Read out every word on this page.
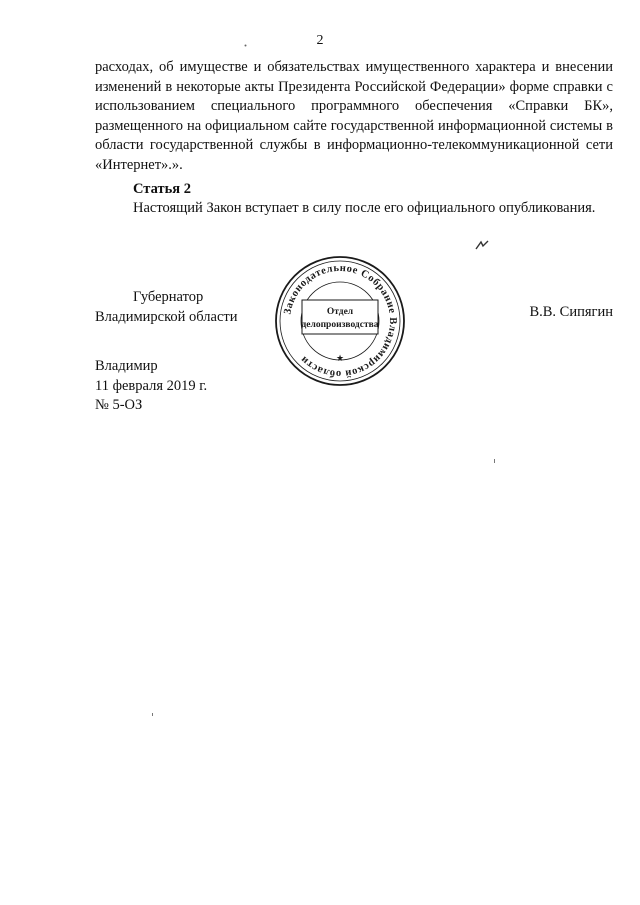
2
расходах, об имуществе и обязательствах имущественного характера и внесении изменений в некоторые акты Президента Российской Федерации» форме справки с использованием специального программного обеспечения «Справки БК», размещенного на официальном сайте государственной информационной системы в области государственной службы в информационно-телекоммуникационной сети «Интернет».».
Статья 2
Настоящий Закон вступает в силу после его официального опубликования.
Губернатор
Владимирской области	В.В. Сипягин
Законодательное Собрание Владимирской области	★
Отдел
делопроизводства
Владимир
11 февраля 2019 г.
№ 5-ОЗ
